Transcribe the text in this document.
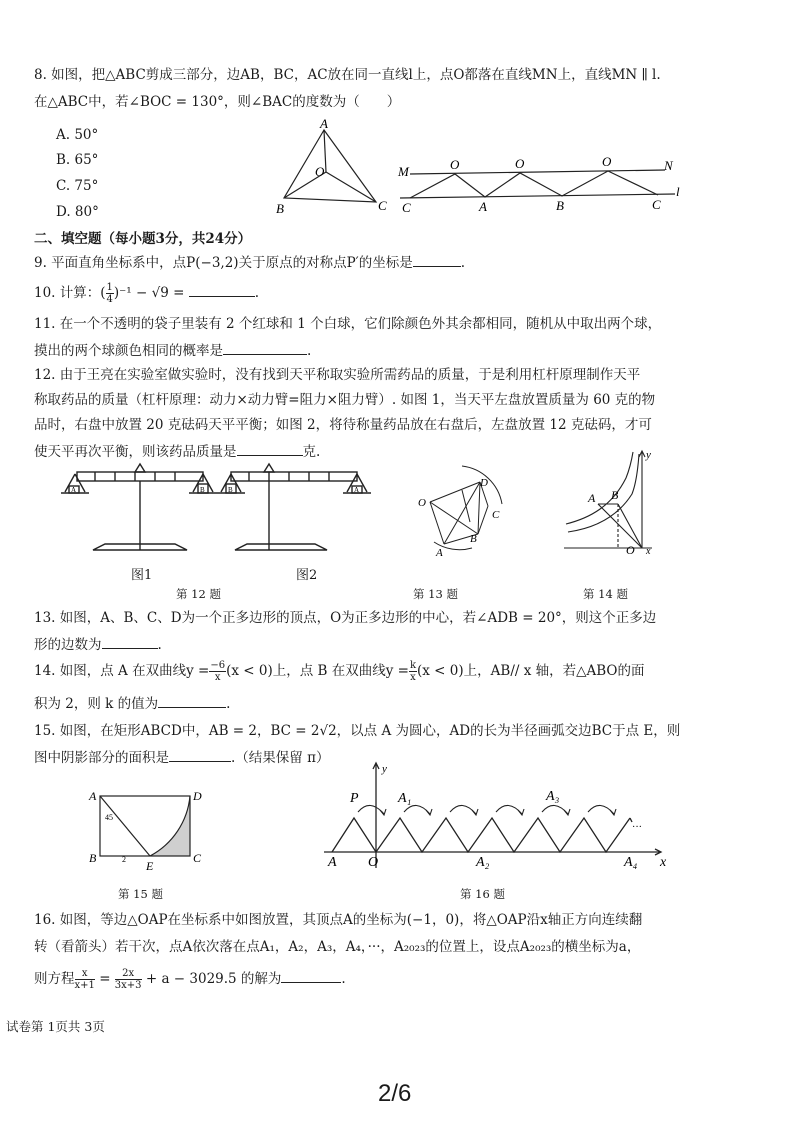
8. 如图，把△ABC剪成三部分，边AB，BC，AC放在同一直线l上，点O都落在直线MN上，直线MN ∥ l.
在△ABC中，若∠BOC = 130°，则∠BAC的度数为（　　）
A. 50°
B. 65°
C. 75°
D. 80°
A
O
B	C
M	O	O	O	N
C	A	B	C
l
二、填空题（每小题3分，共24分）
9. 平面直角坐标系中，点P(−3,2)关于原点的对称点P′的坐标是	.
10. 计算：( $\frac{1}{4} )^{-1} - √9$ =	.
11. 在一个不透明的袋子里装有 2 个红球和 1 个白球，它们除颜色外其余都相同，随机从中取出两个球，
摸出的两个球颜色相同的概率是	.
12. 由于王亮在实验室做实验时，没有找到天平称取实验所需药品的质量，于是利用杠杆原理制作天平
称取药品的质量（杠杆原理：动力×动力臂=阻力×阻力臂）. 如图 1，当天平左盘放置质量为 60 克的物
品时，右盘中放置 20 克砝码天平平衡；如图 2，将待称量药品放在右盘后，左盘放置 12 克砝码，才可
使天平再次平衡，则该药品质量是	克.
A	B	B	A
图1	图2
第 12 题
O
D
C
A
B
第 13 题
y
A B
O x
第 14 题
13. 如图，A、B、C、D为一个正多边形的顶点，O为正多边形的中心，若∠ADB = 20°，则这个正多边
形的边数为	.
14. 如图，点 A 在双曲线$y = \frac{-6}{x} (x < 0)$上，点 B 在双曲线$y = \frac{k}{x} (x < 0)$上，AB// x 轴，若△ABO的面
积为 2，则 k 的值为	.
15. 如图，在矩形ABCD中，AB = 2，BC = 2√2，以点 A 为圆心，AD的长为半径画弧交边BC于点 E，则
图中阴影部分的面积是	.（结果保留 π）
A	D
B
E
C
45
2
第 15 题
y
P	A₁	A₃
A O	A₂	A₄ x
···
第 16 题
16. 如图，等边△OAP在坐标系中如图放置，其顶点A的坐标为(−1，0)，将△OAP沿x轴正方向连续翻
转（看箭头）若干次，点A依次落在点A₁，A₂，A₃，A₄，···，A₂₀₂₃的位置上，设点A₂₀₂₃的横坐标为a，
则方程 $\frac{x}{x+1} = \frac{2x}{3x+3} + a - 3029.5$ 的解为	.
试卷第 1页共 3页
2/6
